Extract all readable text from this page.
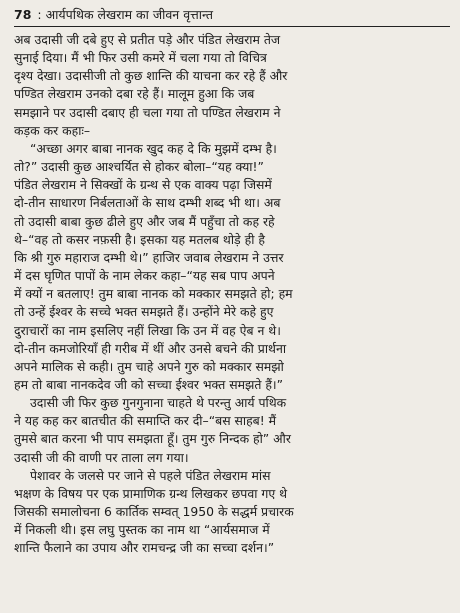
78 : आर्यपथिक लेखराम का जीवन वृत्तान्त
अब उदासी जी दबे हुए से प्रतीत पड़े और पंडित लेखराम तेज
सुनाई दिया। मैं भी फिर उसी कमरे में चला गया तो विचित्र
दृश्य देखा। उदासीजी तो कुछ शान्ति की याचना कर रहे हैं और
पण्डित लेखराम उनको दबा रहे हैं। मालूम हुआ कि जब
समझाने पर उदासी दबाए ही चला गया तो पण्डित लेखराम ने
कड़क कर कहाः–
“अच्छा अगर बाबा नानक खुद कह दे कि मुझमें दम्भ है।
तो?” उदासी कुछ आश्चर्यित से होकर बोला–“यह क्या!”
पंडित लेखराम ने सिक्खों के ग्रन्थ से एक वाक्य पढ़ा जिसमें
दो-तीन साधारण निर्बलताओं के साथ दम्भी शब्द भी था। अब
तो उदासी बाबा कुछ ढीले हुए और जब मैं पहुँचा तो कह रहे
थे–“वह तो कसर नफ़सी है। इसका यह मतलब थोड़े ही है
कि श्री गुरु महाराज दम्भी थे।” हाजिर जवाब लेखराम ने उत्तर
में दस घृणित पापों के नाम लेकर कहा–“यह सब पाप अपने
में क्यों न बतलाए! तुम बाबा नानक को मक्कार समझते हो; हम
तो उन्हें ईश्वर के सच्चे भक्त समझते हैं। उन्होंने मेरे कहे हुए
दुराचारों का नाम इसलिए नहीं लिखा कि उन में वह ऐब न थे।
दो-तीन कमजोरियाँ ही गरीब में थीं और उनसे बचने की प्रार्थना
अपने मालिक से कही। तुम चाहे अपने गुरु को मक्कार समझो
हम तो बाबा नानकदेव जी को सच्चा ईश्वर भक्त समझते हैं।”
उदासी जी फिर कुछ गुनगुनाना चाहते थे परन्तु आर्य पथिक
ने यह कह कर बातचीत की समाप्ति कर दी–“बस साहब! मैं
तुमसे बात करना भी पाप समझता हूँ। तुम गुरु निन्दक हो” और
उदासी जी की वाणी पर ताला लग गया।
पेशावर के जलसे पर जाने से पहले पंडित लेखराम मांस
भक्षण के विषय पर एक प्रामाणिक ग्रन्थ लिखकर छपवा गए थे
जिसकी समालोचना 6 कार्तिक सम्वत् 1950 के सद्धर्म प्रचारक
में निकली थी। इस लघु पुस्तक का नाम था “आर्यसमाज में
शान्ति फैलाने का उपाय और रामचन्द्र जी का सच्चा दर्शन।”
